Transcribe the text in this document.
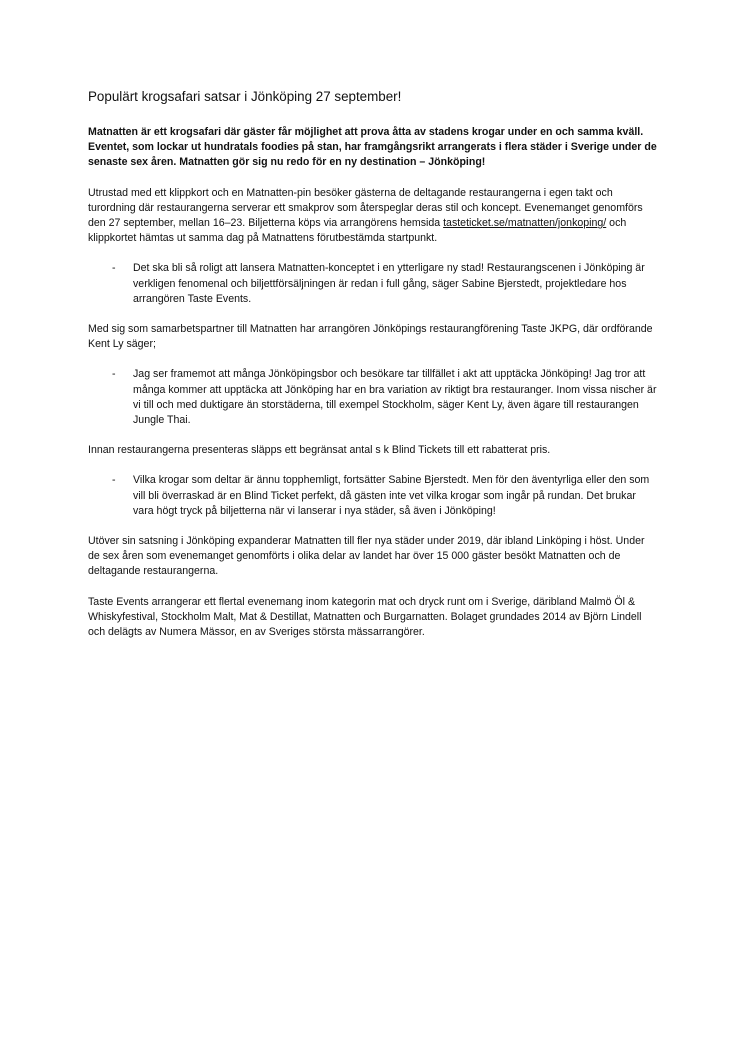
Populärt krogsafari satsar i Jönköping 27 september!

Matnatten är ett krogsafari där gäster får möjlighet att prova åtta av stadens krogar under en och samma kväll. Eventet, som lockar ut hundratals foodies på stan, har framgångsrikt arrangerats i flera städer i Sverige under de senaste sex åren. Matnatten gör sig nu redo för en ny destination – Jönköping!

Utrustad med ett klippkort och en Matnatten-pin besöker gästerna de deltagande restaurangerna i egen takt och turordning där restaurangerna serverar ett smakprov som återspeglar deras stil och koncept. Evenemanget genomförs den 27 september, mellan 16–23. Biljetterna köps via arrangörens hemsida tasteticket.se/matnatten/jonkoping/ och klippkortet hämtas ut samma dag på Matnattens förutbestämda startpunkt.

- Det ska bli så roligt att lansera Matnatten-konceptet i en ytterligare ny stad! Restaurangscenen i Jönköping är verkligen fenomenal och biljettförsäljningen är redan i full gång, säger Sabine Bjerstedt, projektledare hos arrangören Taste Events.

Med sig som samarbetspartner till Matnatten har arrangören Jönköpings restaurangförening Taste JKPG, där ordförande Kent Ly säger;

- Jag ser framemot att många Jönköpingsbor och besökare tar tillfället i akt att upptäcka Jönköping! Jag tror att många kommer att upptäcka att Jönköping har en bra variation av riktigt bra restauranger. Inom vissa nischer är vi till och med duktigare än storstäderna, till exempel Stockholm, säger Kent Ly, även ägare till restaurangen Jungle Thai.

Innan restaurangerna presenteras släpps ett begränsat antal s k Blind Tickets till ett rabatterat pris.

- Vilka krogar som deltar är ännu topphemligt, fortsätter Sabine Bjerstedt. Men för den äventyrliga eller den som vill bli överraskad är en Blind Ticket perfekt, då gästen inte vet vilka krogar som ingår på rundan. Det brukar vara högt tryck på biljetterna när vi lanserar i nya städer, så även i Jönköping!

Utöver sin satsning i Jönköping expanderar Matnatten till fler nya städer under 2019, där ibland Linköping i höst. Under de sex åren som evenemanget genomförts i olika delar av landet har över 15 000 gäster besökt Matnatten och de deltagande restaurangerna.

Taste Events arrangerar ett flertal evenemang inom kategorin mat och dryck runt om i Sverige, däribland Malmö Öl & Whiskyfestival, Stockholm Malt, Mat & Destillat, Matnatten och Burgarnatten. Bolaget grundades 2014 av Björn Lindell och delägts av Numera Mässor, en av Sveriges största mässarrangörer.
